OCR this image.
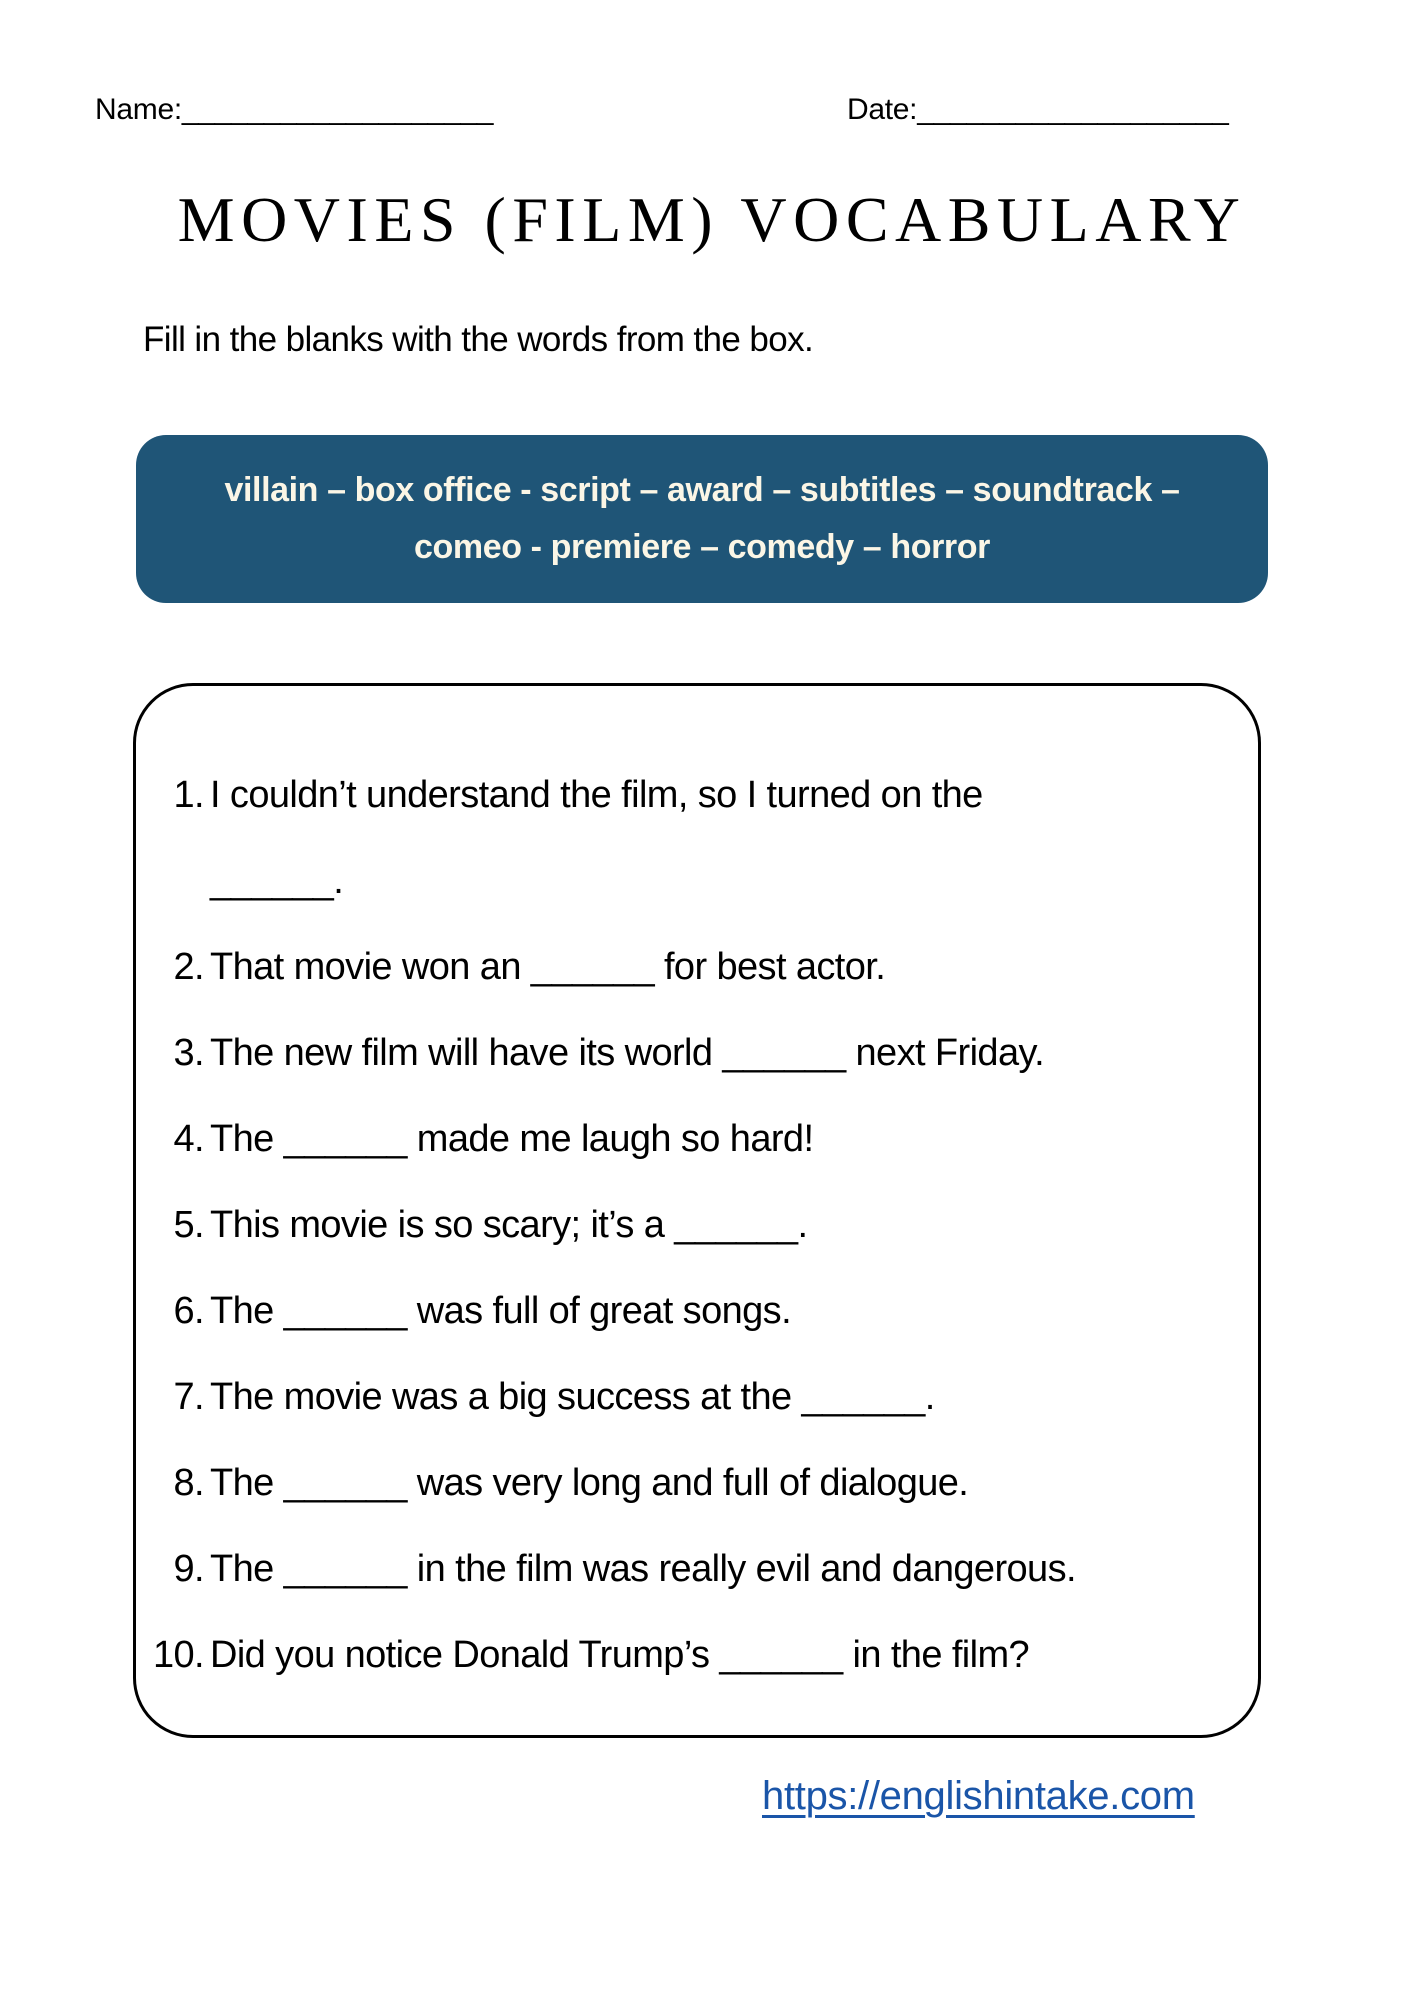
Name:___________________	Date:___________________
MOVIES (FILM) VOCABULARY
Fill in the blanks with the words from the box.
villain – box office - script – award – subtitles – soundtrack –
comeo - premiere – comedy – horror
1. I couldn’t understand the film, so I turned on the
______.
2. That movie won an ______ for best actor.
3. The new film will have its world ______ next Friday.
4. The ______ made me laugh so hard!
5. This movie is so scary; it’s a ______.
6. The ______ was full of great songs.
7. The movie was a big success at the ______.
8. The ______ was very long and full of dialogue.
9. The ______ in the film was really evil and dangerous.
10. Did you notice Donald Trump’s ______ in the film?
https://englishintake.com
